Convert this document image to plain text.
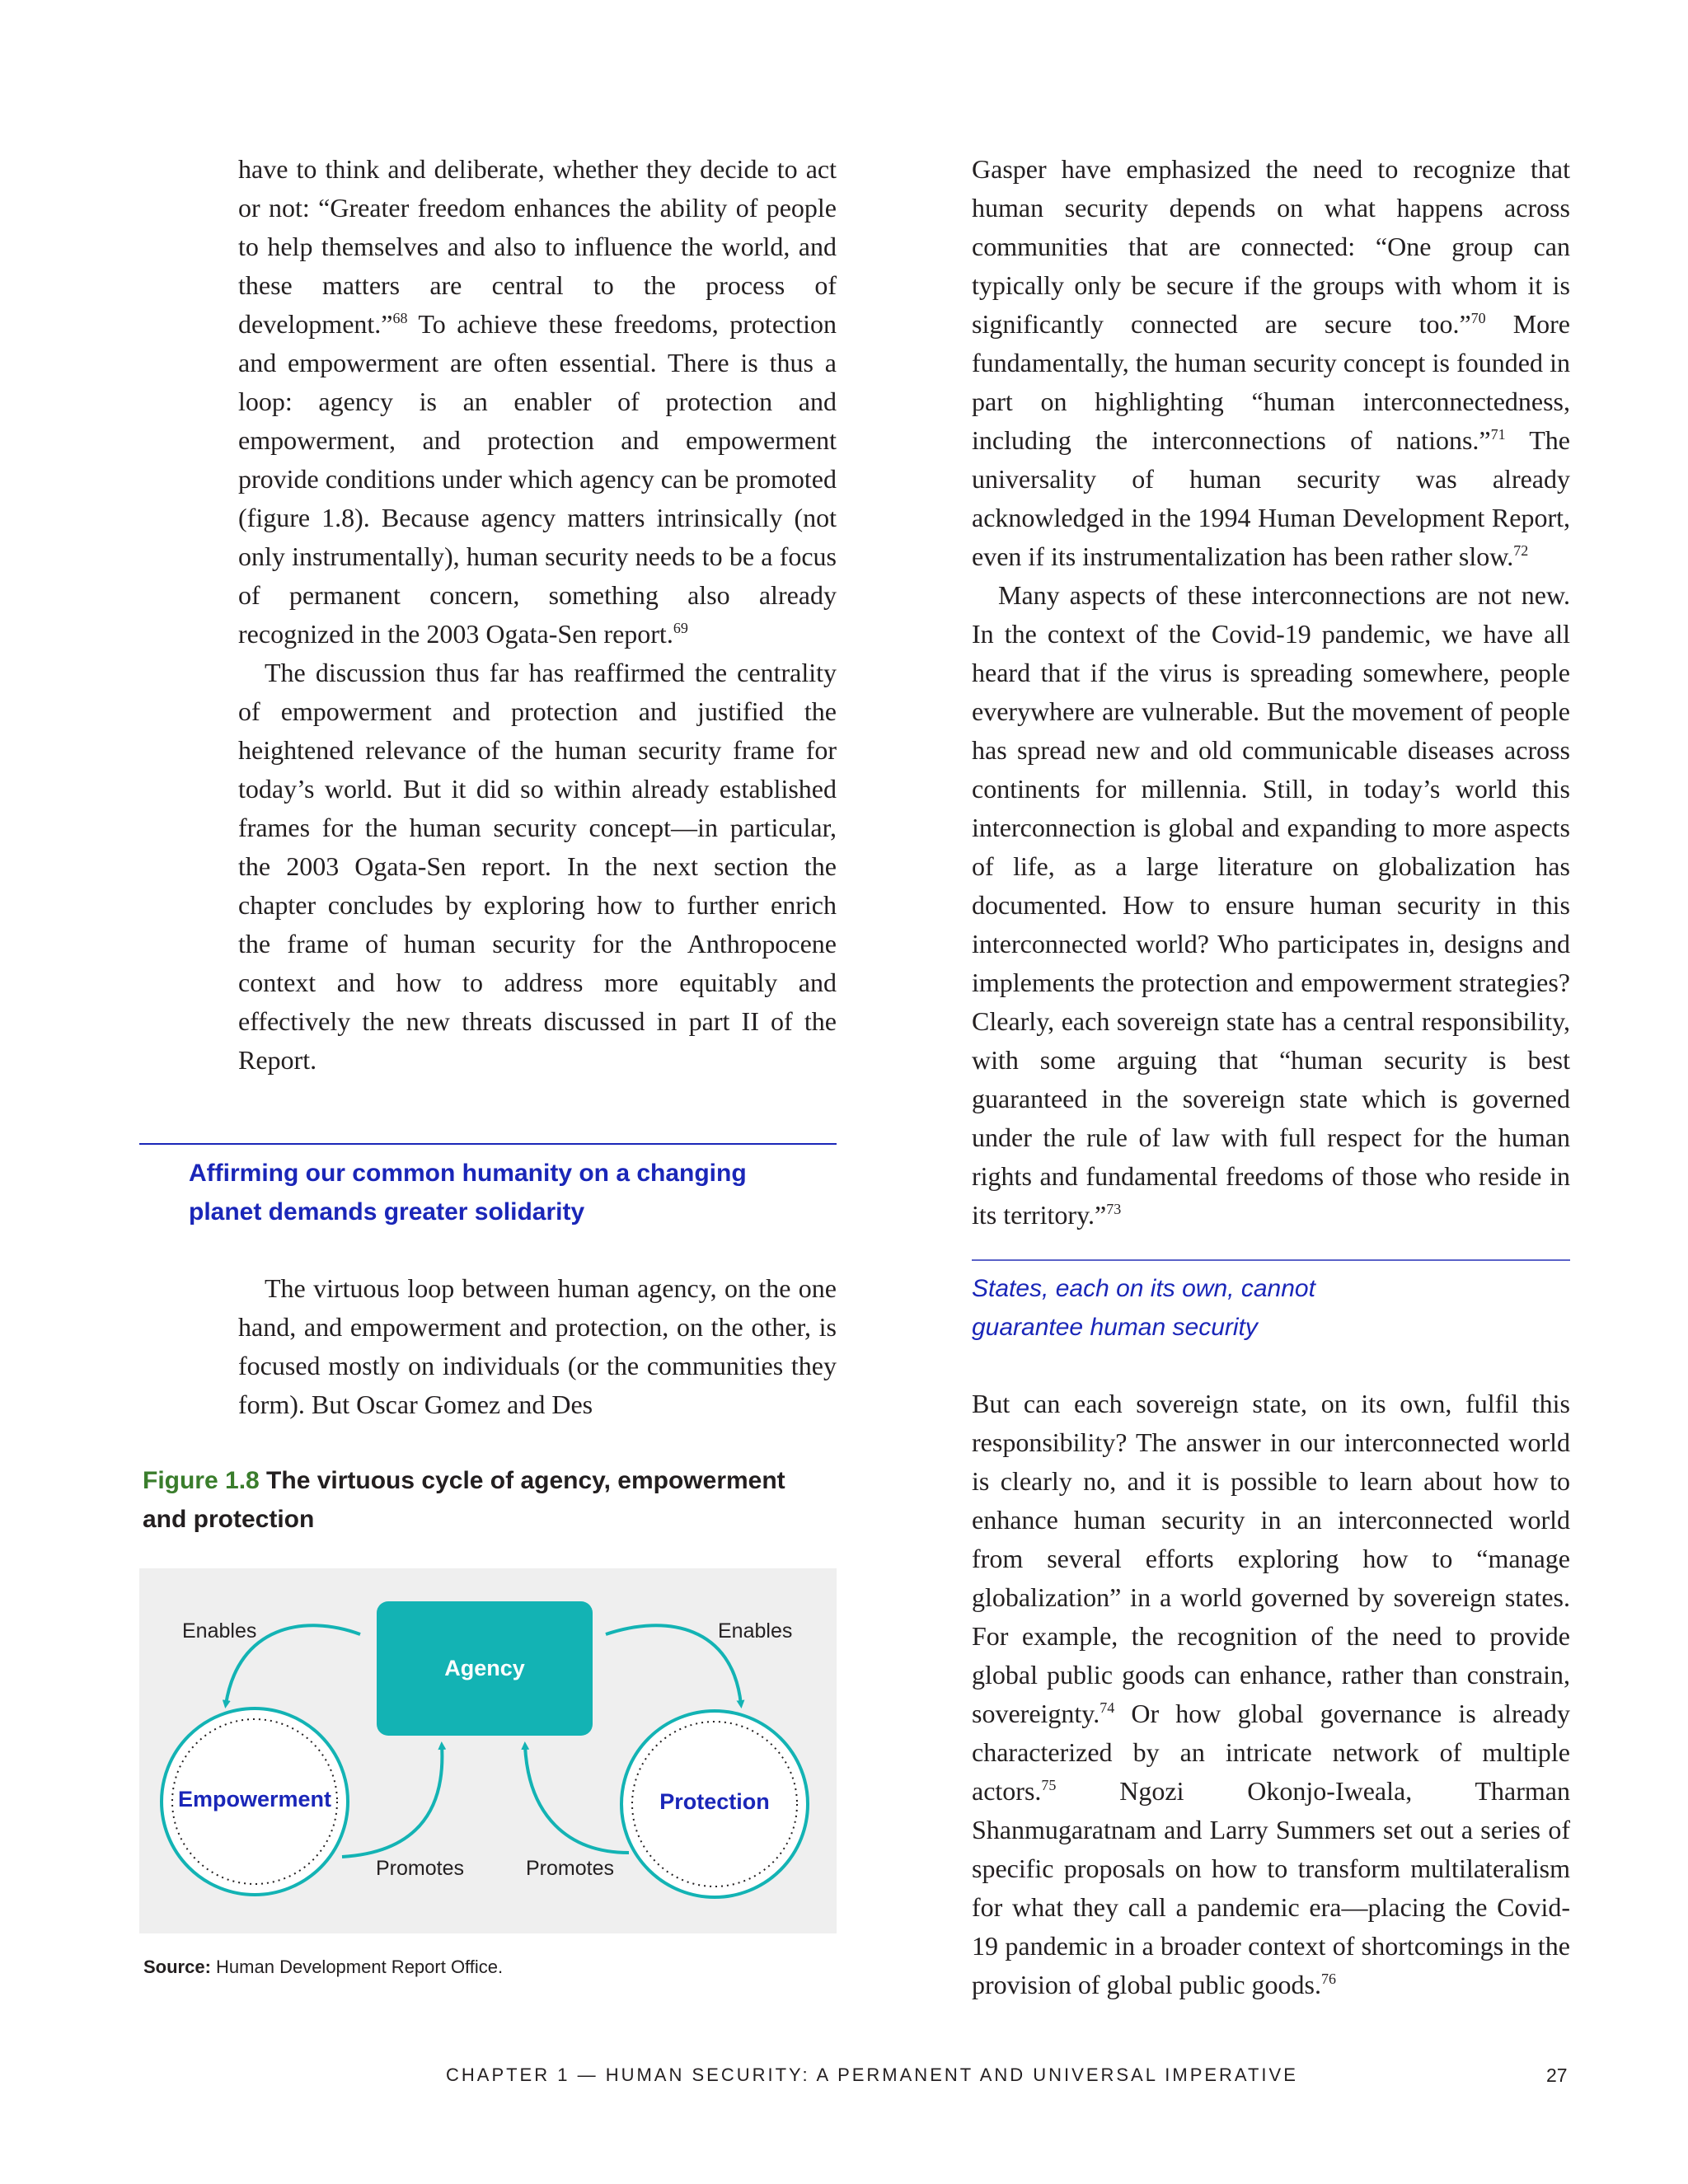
have to think and deliberate, whether they decide to act or not: “Greater freedom enhances the ability of people to help themselves and also to influence the world, and these matters are central to the process of development.”$^{68}$ To achieve these freedoms, protection and empowerment are often essential. There is thus a loop: agency is an enabler of protection and empowerment, and protection and empowerment provide conditions under which agency can be promoted (figure 1.8). Because agency matters intrinsically (not only instrumentally), human security needs to be a focus of permanent concern, something also already recognized in the 2003 Ogata-Sen report.$^{69}$

The discussion thus far has reaffirmed the centrality of empowerment and protection and justified the heightened relevance of the human security frame for today’s world. But it did so within already established frames for the human security concept—in particular, the 2003 Ogata-Sen report. In the next section the chapter concludes by exploring how to further enrich the frame of human security for the Anthropocene context and how to address more equitably and effectively the new threats discussed in part II of the Report.

Affirming our common humanity on a changing
planet demands greater solidarity

The virtuous loop between human agency, on the one hand, and empowerment and protection, on the other, is focused mostly on individuals (or the communities they form). But Oscar Gomez and Des

Figure 1.8 The virtuous cycle of agency, empowerment and protection
Agency
Empowerment	Protection
Enables	Enables
Promotes	Promotes
Source: Human Development Report Office.

Gasper have emphasized the need to recognize that human security depends on what happens across communities that are connected: “One group can typically only be secure if the groups with whom it is significantly connected are secure too.”$^{70}$ More fundamentally, the human security concept is founded in part on highlighting “human interconnectedness, including the interconnections of nations.”$^{71}$ The universality of human security was already acknowledged in the 1994 Human Development Report, even if its instrumentalization has been rather slow.$^{72}$

Many aspects of these interconnections are not new. In the context of the Covid-19 pandemic, we have all heard that if the virus is spreading somewhere, people everywhere are vulnerable. But the movement of people has spread new and old communicable diseases across continents for millennia. Still, in today’s world this interconnection is global and expanding to more aspects of life, as a large literature on globalization has documented. How to ensure human security in this interconnected world? Who participates in, designs and implements the protection and empowerment strategies? Clearly, each sovereign state has a central responsibility, with some arguing that “human security is best guaranteed in the sovereign state which is governed under the rule of law with full respect for the human rights and fundamental freedoms of those who reside in its territory.”$^{73}$

States, each on its own, cannot
guarantee human security

But can each sovereign state, on its own, fulfil this responsibility? The answer in our interconnected world is clearly no, and it is possible to learn about how to enhance human security in an interconnected world from several efforts exploring how to “manage globalization” in a world governed by sovereign states. For example, the recognition of the need to provide global public goods can enhance, rather than constrain, sovereignty.$^{74}$ Or how global governance is already characterized by an intricate network of multiple actors.$^{75}$ Ngozi Okonjo-Iweala, Tharman Shanmugaratnam and Larry Summers set out a series of specific proposals on how to transform multilateralism for what they call a pandemic era—placing the Covid-19 pandemic in a broader context of shortcomings in the provision of global public goods.$^{76}$

CHAPTER 1 — HUMAN SECURITY: A PERMANENT AND UNIVERSAL IMPERATIVE	27
